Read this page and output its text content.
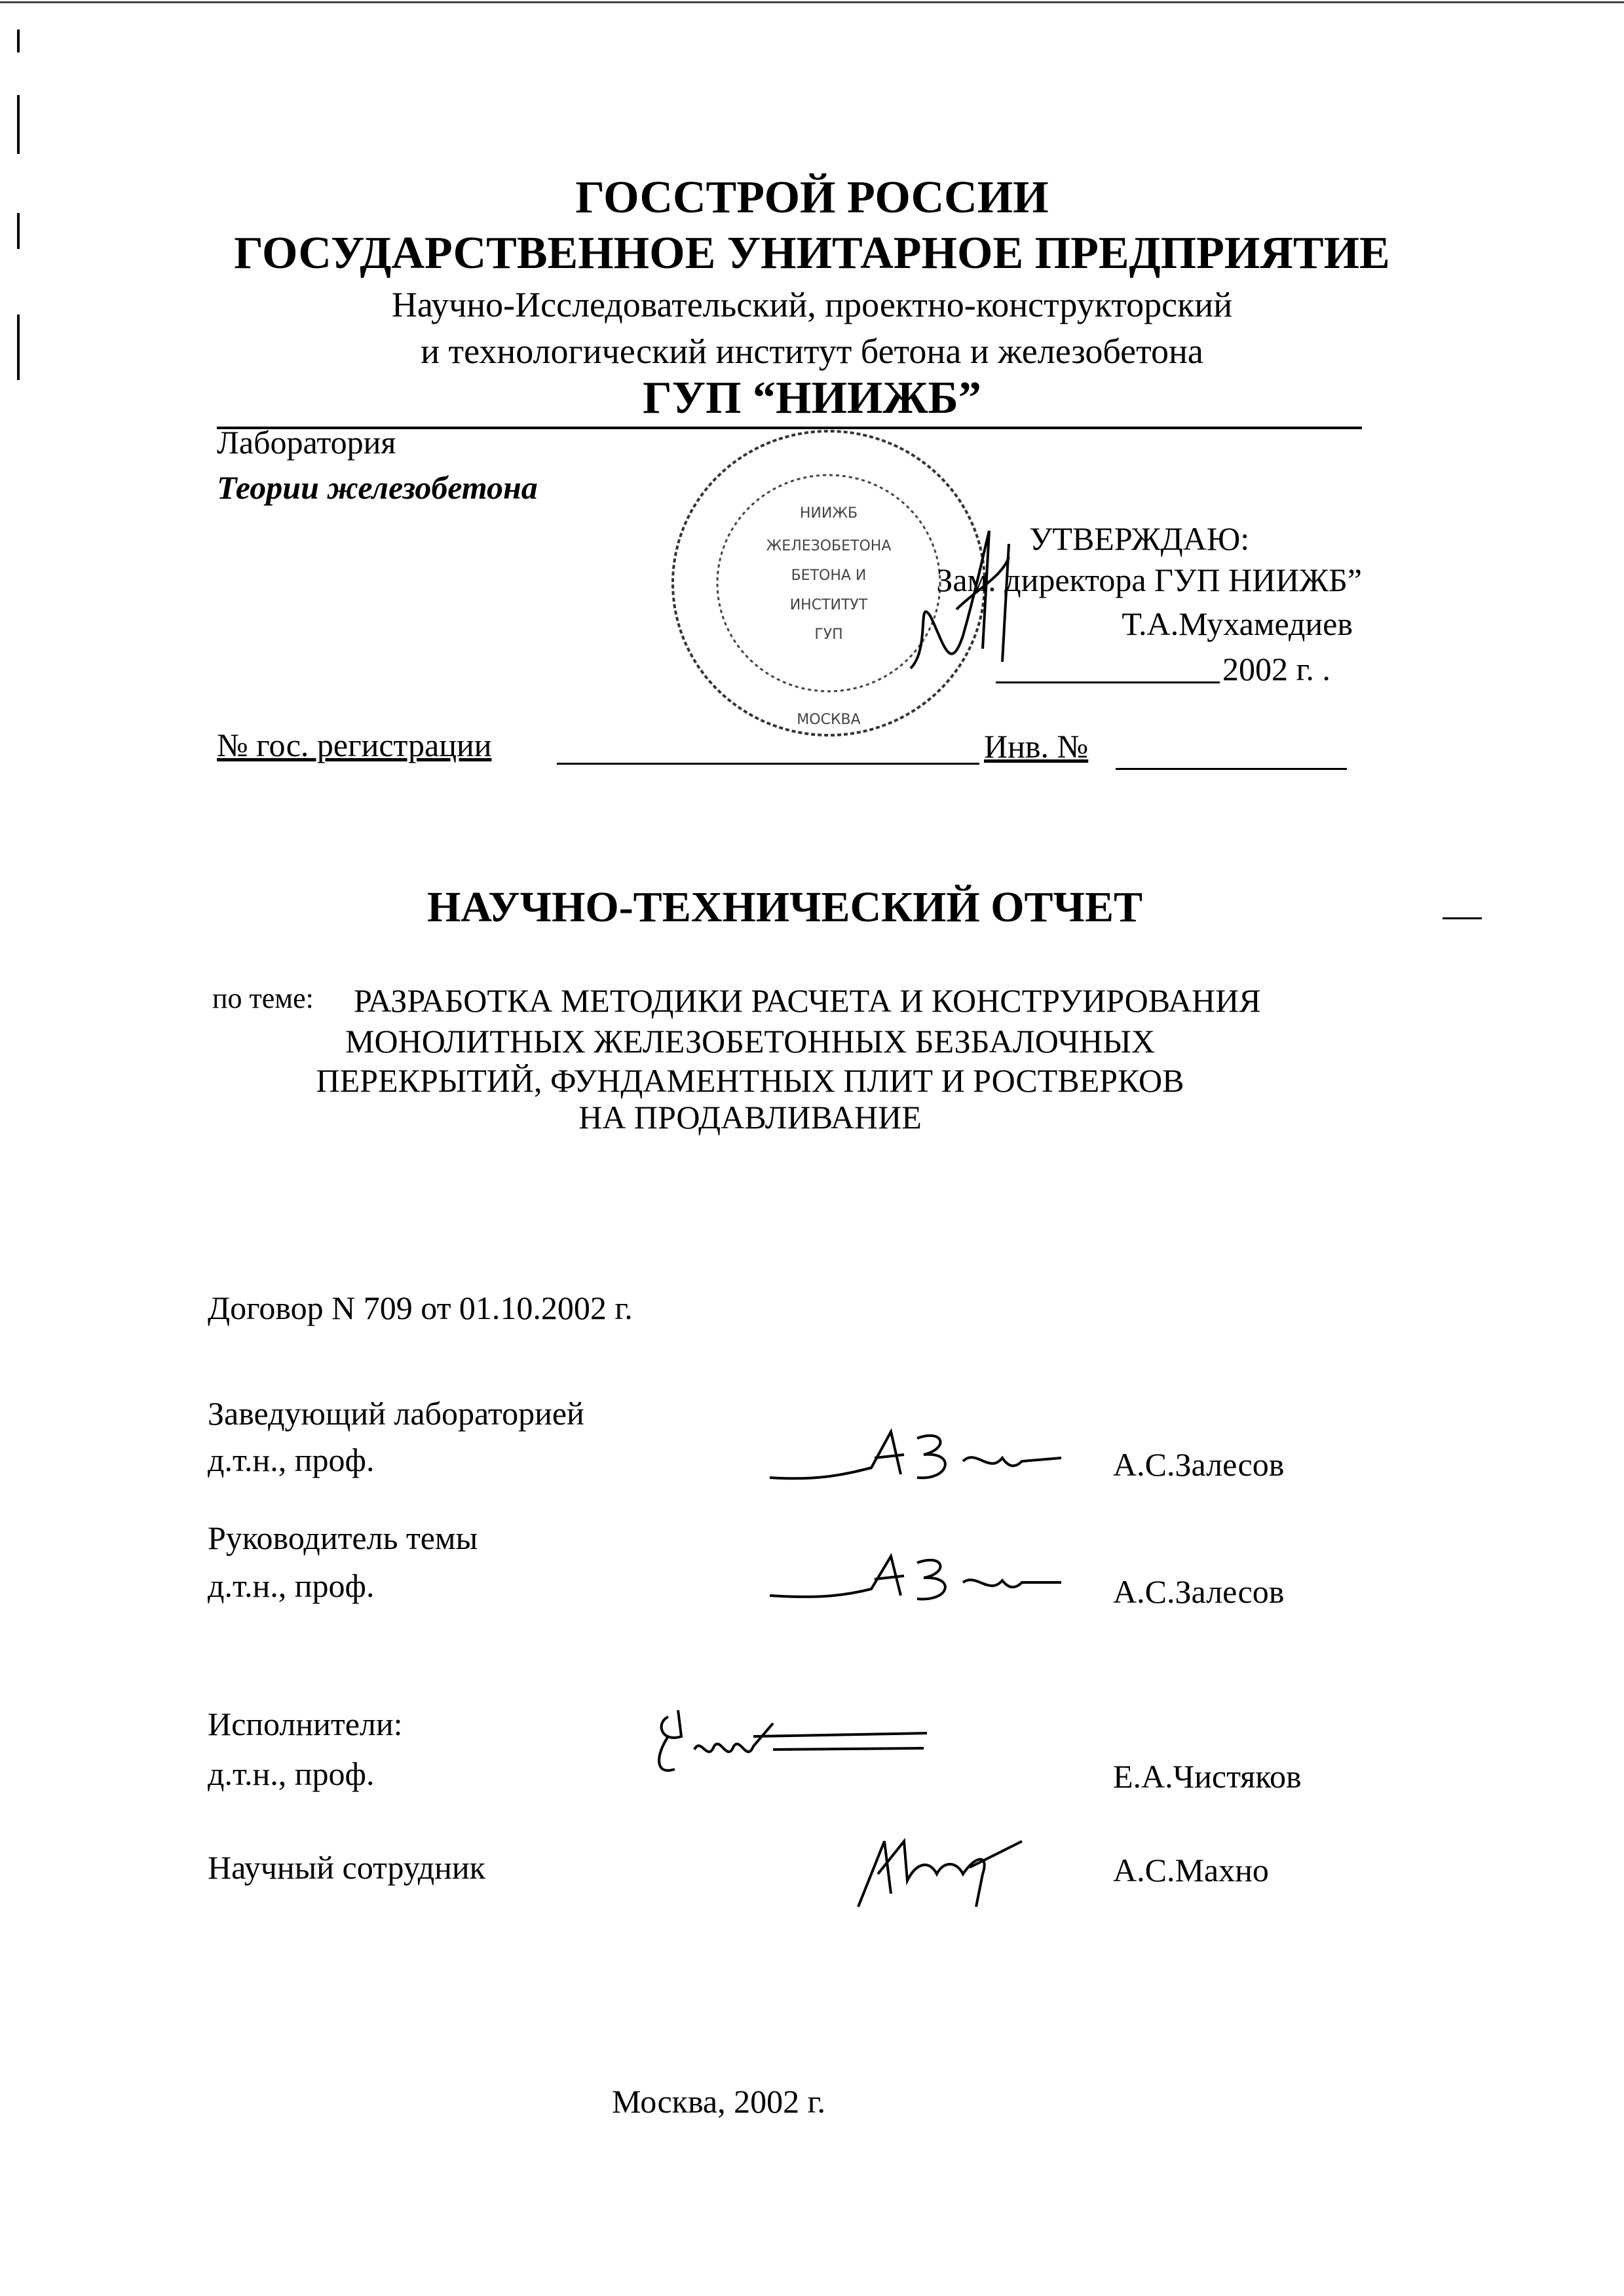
ГОССТРОЙ РОССИИ
ГОСУДАРСТВЕННОЕ УНИТАРНОЕ ПРЕДПРИЯТИЕ
Научно-Исследовательский, проектно-конструкторский
и технологический институт бетона и железобетона
ГУП “НИИЖБ”
Лаборатория
Теории железобетона
НИИЖБ
ЖЕЛЕЗОБЕТОНА
БЕТОНА И
ИНСТИТУТ
ГУП
МОСКВА
УТВЕРЖДАЮ:
Зам. директора ГУП НИИЖБ”
Т.А.Мухамедиев
2002 г. .
№ гос. регистрации	Инв. №
НАУЧНО-ТЕХНИЧЕСКИЙ ОТЧЕТ
по теме: РАЗРАБОТКА МЕТОДИКИ РАСЧЕТА И КОНСТРУИРОВАНИЯ
МОНОЛИТНЫХ ЖЕЛЕЗОБЕТОННЫХ БЕЗБАЛОЧНЫХ
ПЕРЕКРЫТИЙ, ФУНДАМЕНТНЫХ ПЛИТ И РОСТВЕРКОВ
НА ПРОДАВЛИВАНИЕ
Договор N 709 от 01.10.2002 г.
Заведующий лабораторией
д.т.н., проф.	А.С.Залесов
Руководитель темы
д.т.н., проф.	А.С.Залесов
Исполнители:
д.т.н., проф.	Е.А.Чистяков
Научный сотрудник	А.С.Махно
Москва, 2002 г.
